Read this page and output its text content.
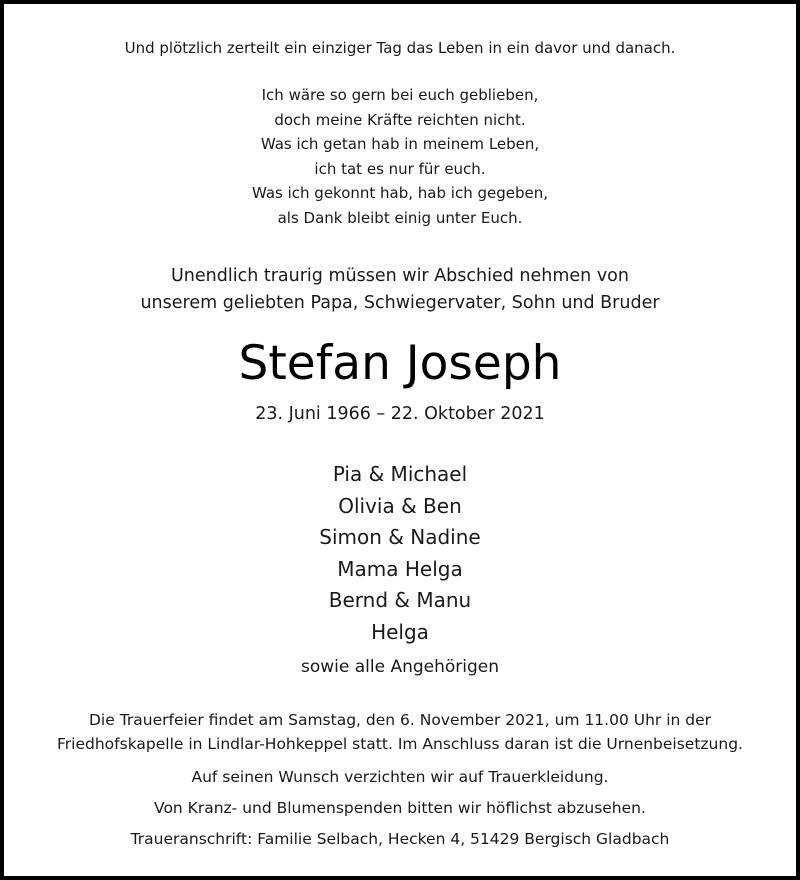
Und plötzlich zerteilt ein einziger Tag das Leben in ein davor und danach.
Ich wäre so gern bei euch geblieben,
doch meine Kräfte reichten nicht.
Was ich getan hab in meinem Leben,
ich tat es nur für euch.
Was ich gekonnt hab, hab ich gegeben,
als Dank bleibt einig unter Euch.
Unendlich traurig müssen wir Abschied nehmen von
unserem geliebten Papa, Schwiegervater, Sohn und Bruder
Stefan Joseph
23. Juni 1966 – 22. Oktober 2021
Pia & Michael
Olivia & Ben
Simon & Nadine
Mama Helga
Bernd & Manu
Helga
sowie alle Angehörigen
Die Trauerfeier findet am Samstag, den 6. November 2021, um 11.00 Uhr in der
Friedhofskapelle in Lindlar-Hohkeppel statt. Im Anschluss daran ist die Urnenbeisetzung.
Auf seinen Wunsch verzichten wir auf Trauerkleidung.
Von Kranz- und Blumenspenden bitten wir höflichst abzusehen.
Traueranschrift: Familie Selbach, Hecken 4, 51429 Bergisch Gladbach
